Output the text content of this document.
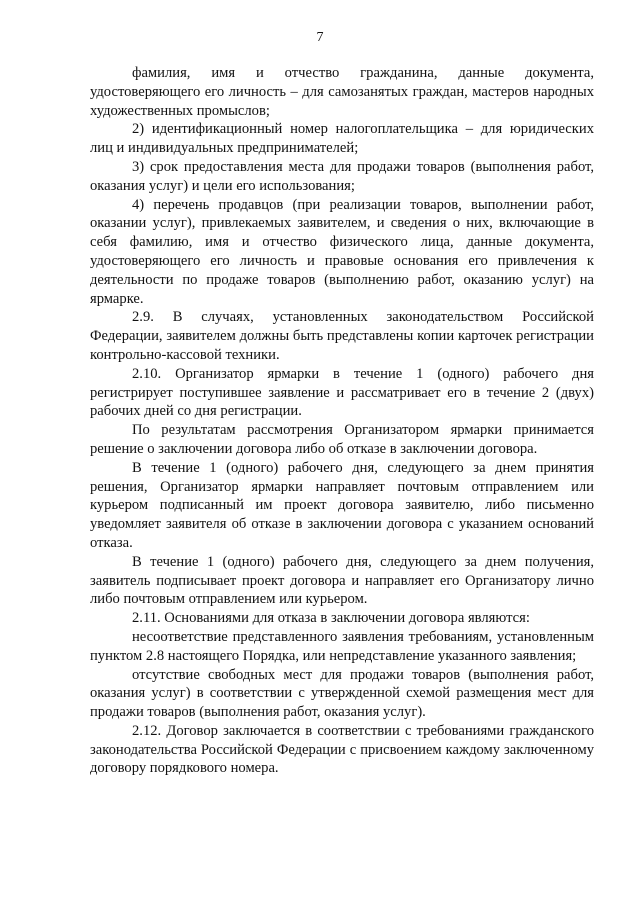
7

фамилия, имя и отчество гражданина, данные документа, удостоверяющего его личность – для самозанятых граждан, мастеров народных художественных промыслов;

2) идентификационный номер налогоплательщика – для юридических лиц и индивидуальных предпринимателей;

3) срок предоставления места для продажи товаров (выполнения работ, оказания услуг) и цели его использования;

4) перечень продавцов (при реализации товаров, выполнении работ, оказании услуг), привлекаемых заявителем, и сведения о них, включающие в себя фамилию, имя и отчество физического лица, данные документа, удостоверяющего его личность и правовые основания его привлечения к деятельности по продаже товаров (выполнению работ, оказанию услуг) на ярмарке.

2.9. В случаях, установленных законодательством Российской Федерации, заявителем должны быть представлены копии карточек регистрации контрольно-кассовой техники.

2.10. Организатор ярмарки в течение 1 (одного) рабочего дня регистрирует поступившее заявление и рассматривает его в течение 2 (двух) рабочих дней со дня регистрации.

По результатам рассмотрения Организатором ярмарки принимается решение о заключении договора либо об отказе в заключении договора.

В течение 1 (одного) рабочего дня, следующего за днем принятия решения, Организатор ярмарки направляет почтовым отправлением или курьером подписанный им проект договора заявителю, либо письменно уведомляет заявителя об отказе в заключении договора с указанием оснований отказа.

В течение 1 (одного) рабочего дня, следующего за днем получения, заявитель подписывает проект договора и направляет его Организатору лично либо почтовым отправлением или курьером.

2.11. Основаниями для отказа в заключении договора являются:

несоответствие представленного заявления требованиям, установленным пунктом 2.8 настоящего Порядка, или непредставление указанного заявления;

отсутствие свободных мест для продажи товаров (выполнения работ, оказания услуг) в соответствии с утвержденной схемой размещения мест для продажи товаров (выполнения работ, оказания услуг).

2.12. Договор заключается в соответствии с требованиями гражданского законодательства Российской Федерации с присвоением каждому заключенному договору порядкового номера.
